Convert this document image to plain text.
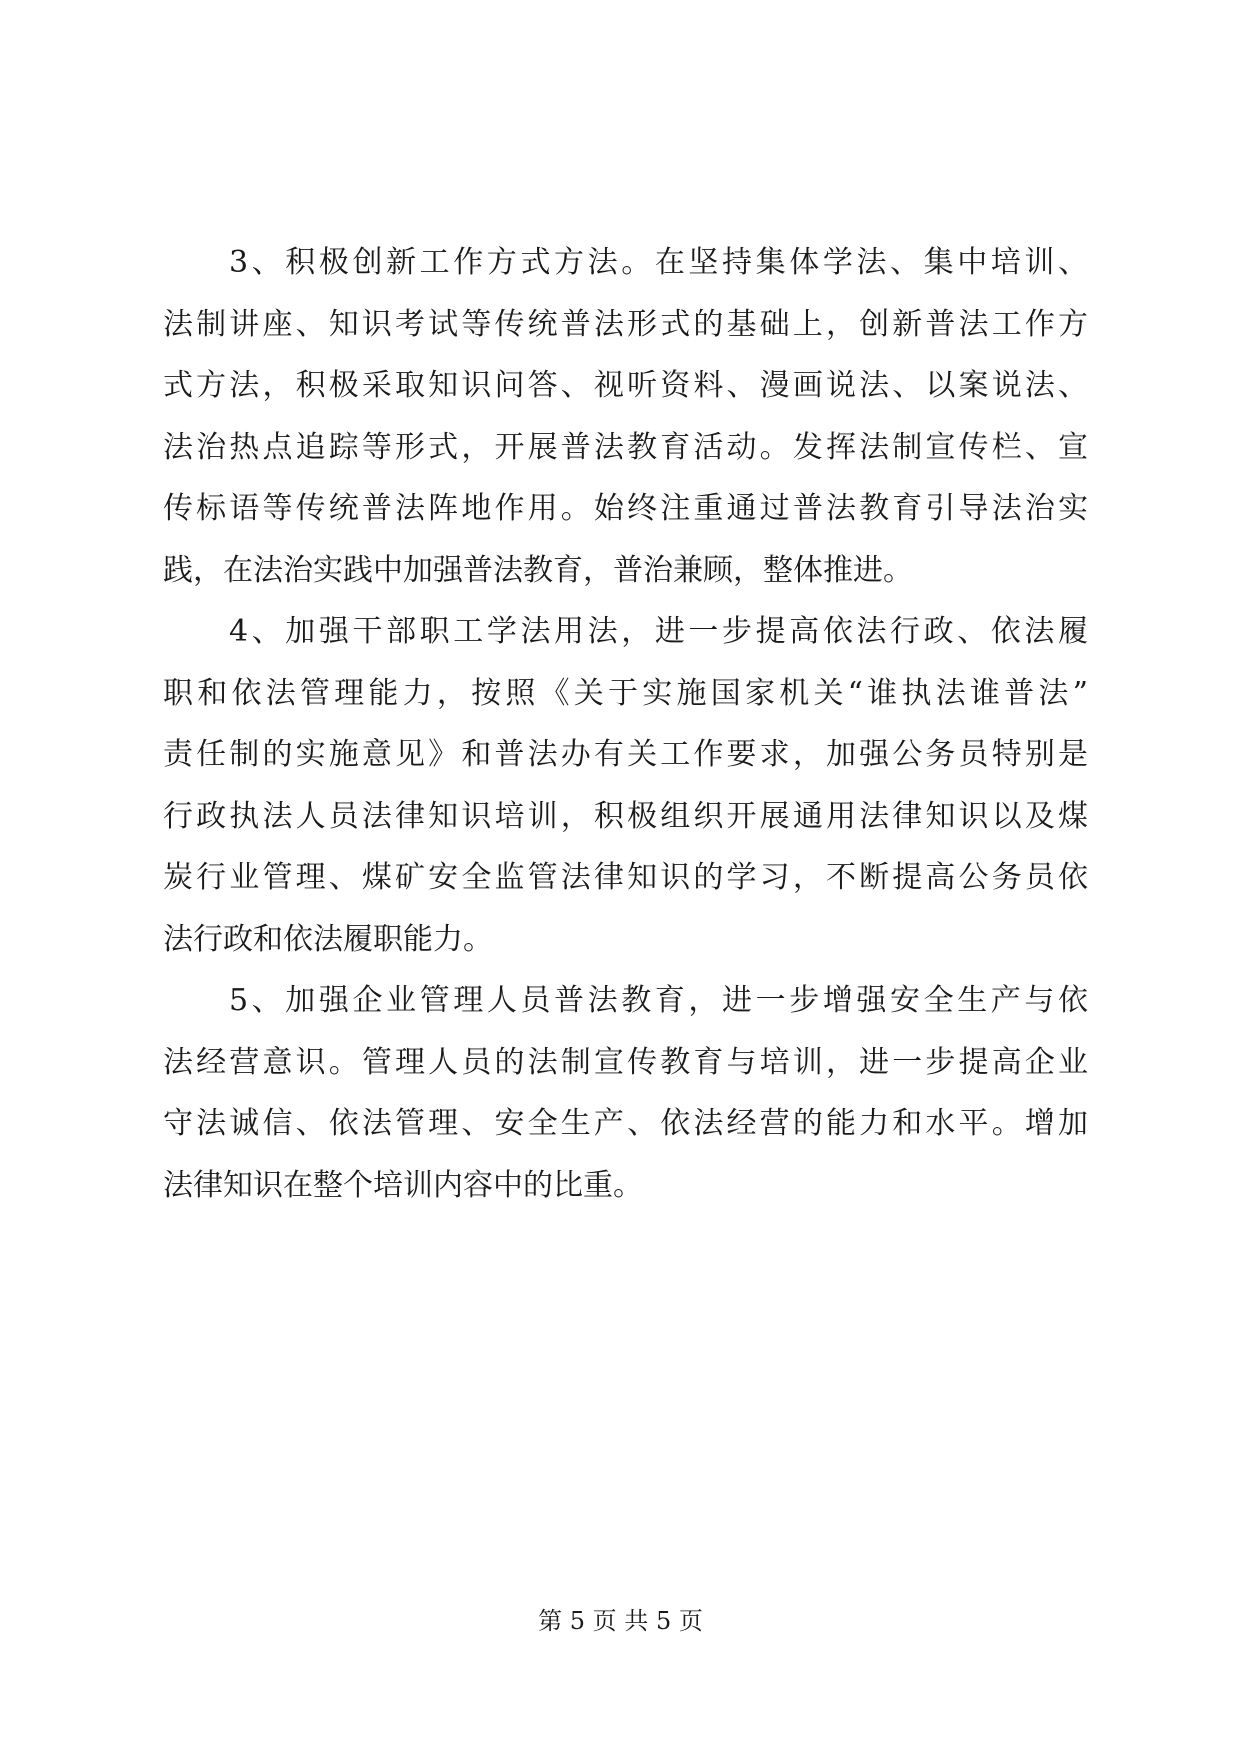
3、积极创新工作方式方法。在坚持集体学法、集中培训、
法制讲座、知识考试等传统普法形式的基础上，创新普法工作方
式方法，积极采取知识问答、视听资料、漫画说法、以案说法、
法治热点追踪等形式，开展普法教育活动。发挥法制宣传栏、宣
传标语等传统普法阵地作用。始终注重通过普法教育引导法治实
践，在法治实践中加强普法教育，普治兼顾，整体推进。
4、加强干部职工学法用法，进一步提高依法行政、依法履
职和依法管理能力，按照《关于实施国家机关“谁执法谁普法”
责任制的实施意见》和普法办有关工作要求，加强公务员特别是
行政执法人员法律知识培训，积极组织开展通用法律知识以及煤
炭行业管理、煤矿安全监管法律知识的学习，不断提高公务员依
法行政和依法履职能力。
5、加强企业管理人员普法教育，进一步增强安全生产与依
法经营意识。管理人员的法制宣传教育与培训，进一步提高企业
守法诚信、依法管理、安全生产、依法经营的能力和水平。增加
法律知识在整个培训内容中的比重。
第 5 页 共 5 页
